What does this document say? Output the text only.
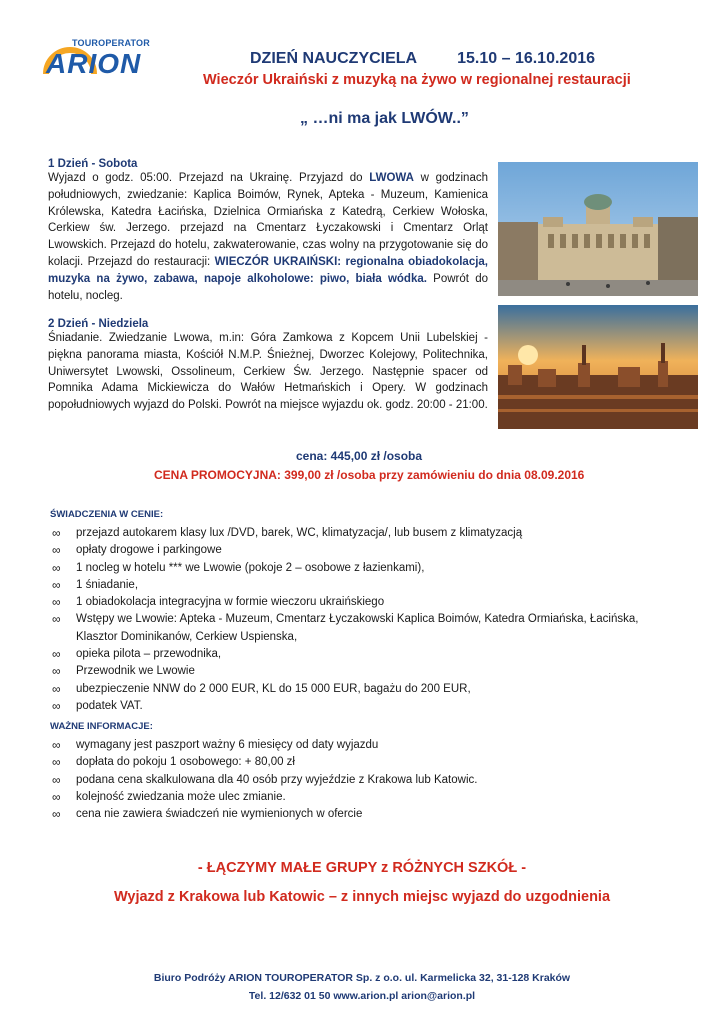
TOUROPERATOR
ARION	DZIEŃ NAUCZYCIELA	15.10 – 16.10.2016
Wieczór Ukraiński z muzyką na żywo w regionalnej restauracji
„ …ni ma jak LWÓW..”
1 Dzień - Sobota
Wyjazd o godz. 05:00. Przejazd na Ukrainę. Przyjazd do LWOWA w godzinach południowych, zwiedzanie: Kaplica Boimów, Rynek, Apteka - Muzeum, Kamienica Królewska, Katedra Łacińska, Dzielnica Ormiańska z Katedrą, Cerkiew Wołoska, Cerkiew św. Jerzego. przejazd na Cmentarz Łyczakowski i Cmentarz Orląt Lwowskich. Przejazd do hotelu, zakwaterowanie, czas wolny na przygotowanie się do kolacji. Przejazd do restauracji: WIECZÓR UKRAIŃSKI: regionalna obiadokolacja, muzyka na żywo, zabawa, napoje alkoholowe: piwo, biała wódka. Powrót do hotelu, nocleg.
2 Dzień - Niedziela
Śniadanie. Zwiedzanie Lwowa, m.in: Góra Zamkowa z Kopcem Unii Lubelskiej - piękna panorama miasta, Kościół N.M.P. Śnieżnej, Dworzec Kolejowy, Politechnika, Uniwersytet Lwowski, Ossolineum, Cerkiew Św. Jerzego. Następnie spacer od Pomnika Adama Mickiewicza do Wałów Hetmańskich i Opery. W godzinach popołudniowych wyjazd do Polski. Powrót na miejsce wyjazdu ok. godz. 20:00 - 21:00.
cena: 445,00 zł /osoba
CENA PROMOCYJNA: 399,00 zł /osoba przy zamówieniu do dnia 08.09.2016
ŚWIADCZENIA W CENIE:
∞ przejazd autokarem klasy lux /DVD, barek, WC, klimatyzacja/, lub busem z klimatyzacją
∞ opłaty drogowe i parkingowe
∞ 1 nocleg w hotelu *** we Lwowie (pokoje 2 – osobowe z łazienkami),
∞ 1 śniadanie,
∞ 1 obiadokolacja integracyjna w formie wieczoru ukraińskiego
∞ Wstępy we Lwowie: Apteka - Muzeum, Cmentarz Łyczakowski Kaplica Boimów, Katedra Ormiańska, Łacińska, Klasztor Dominikanów, Cerkiew Uspienska,
∞ opieka pilota – przewodnika,
∞ Przewodnik we Lwowie
∞ ubezpieczenie NNW do 2 000 EUR, KL do 15 000 EUR, bagażu do 200 EUR,
∞ podatek VAT.
WAŻNE INFORMACJE:
∞ wymagany jest paszport ważny 6 miesięcy od daty wyjazdu
∞ dopłata do pokoju 1 osobowego: + 80,00 zł
∞ podana cena skalkulowana dla 40 osób przy wyjeździe z Krakowa lub Katowic.
∞ kolejność zwiedzania może ulec zmianie.
∞ cena nie zawiera świadczeń nie wymienionych w ofercie
- ŁĄCZYMY MAŁE GRUPY z RÓŻNYCH SZKÓŁ -
Wyjazd z Krakowa lub Katowic – z innych miejsc wyjazd do uzgodnienia
Biuro Podróży ARION TOUROPERATOR Sp. z o.o. ul. Karmelicka 32, 31-128 Kraków
Tel. 12/632 01 50 www.arion.pl arion@arion.pl
